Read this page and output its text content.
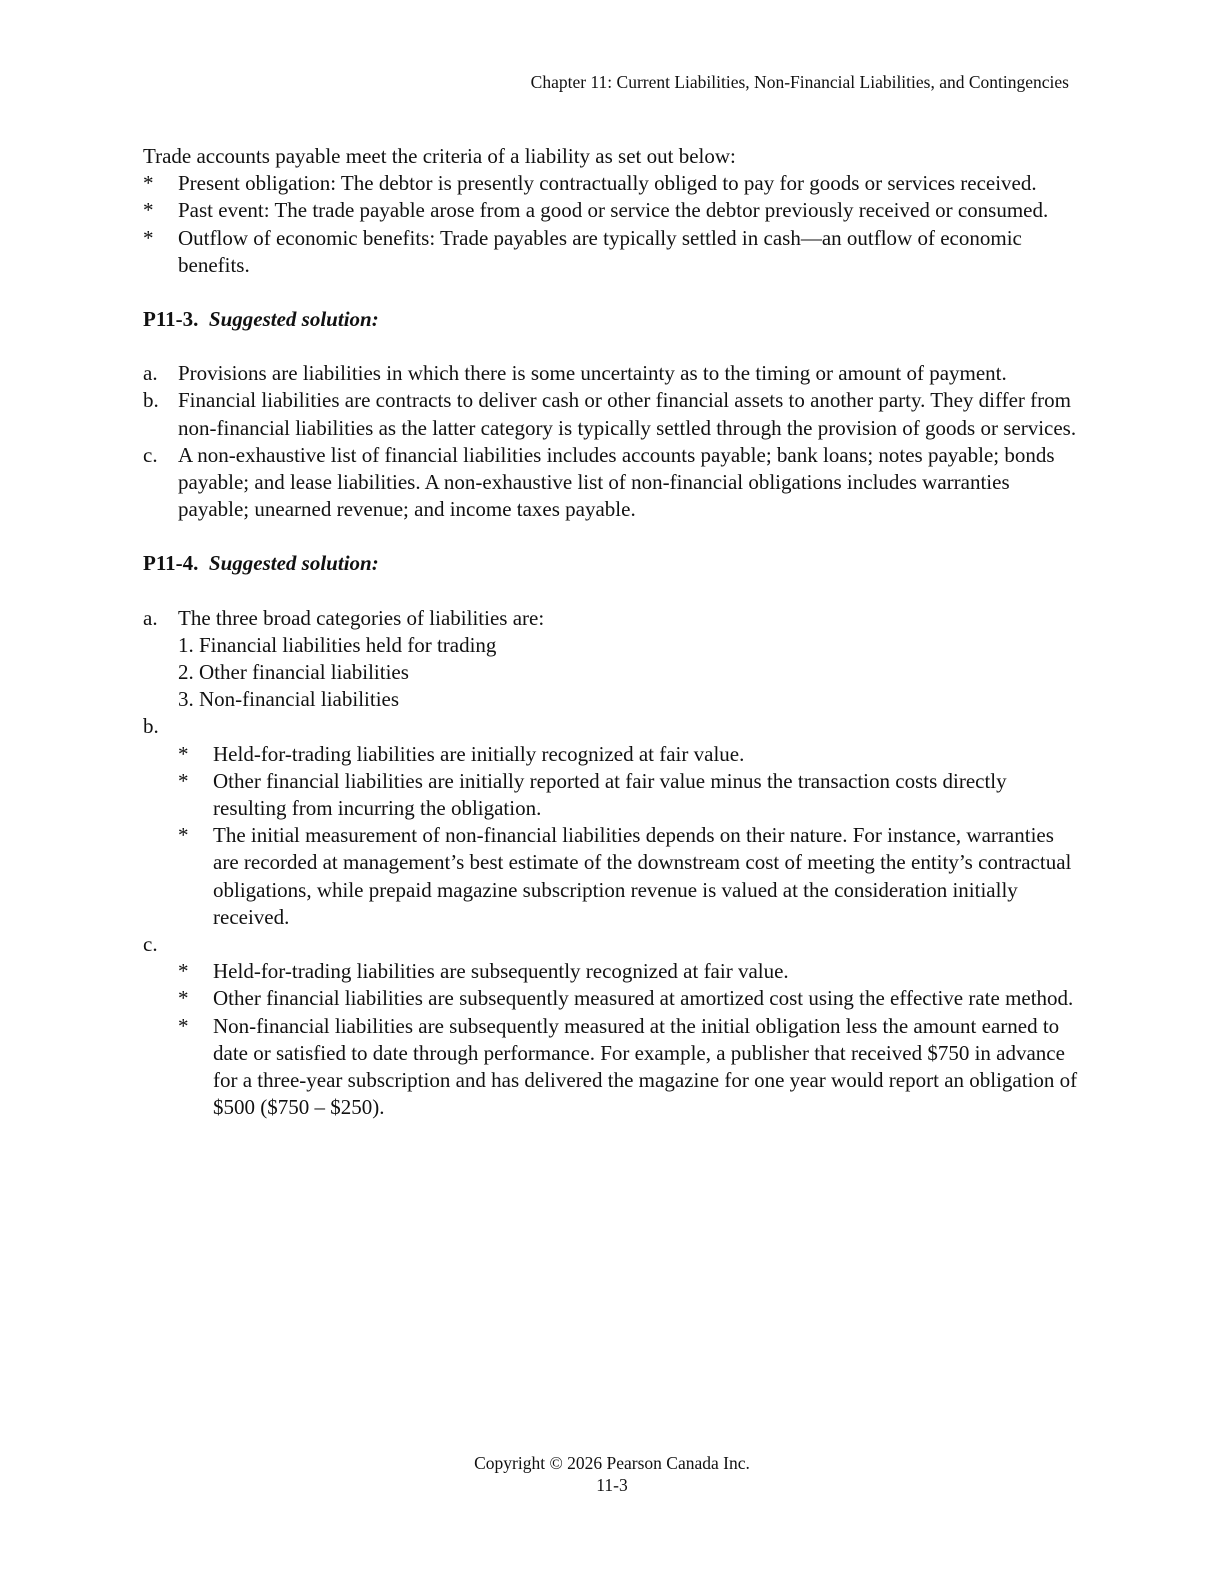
Chapter 11: Current Liabilities, Non-Financial Liabilities, and Contingencies

Trade accounts payable meet the criteria of a liability as set out below:

*	Present obligation: The debtor is presently contractually obliged to pay for goods or services received.
*	Past event: The trade payable arose from a good or service the debtor previously received or consumed.
*	Outflow of economic benefits: Trade payables are typically settled in cash—an outflow of economic benefits.

P11-3. Suggested solution:

a. Provisions are liabilities in which there is some uncertainty as to the timing or amount of payment.
b. Financial liabilities are contracts to deliver cash or other financial assets to another party. They differ from non-financial liabilities as the latter category is typically settled through the provision of goods or services.
c. A non-exhaustive list of financial liabilities includes accounts payable; bank loans; notes payable; bonds payable; and lease liabilities. A non-exhaustive list of non-financial obligations includes warranties payable; unearned revenue; and income taxes payable.

P11-4. Suggested solution:

a. The three broad categories of liabilities are:

1. Financial liabilities held for trading

2. Other financial liabilities

3. Non-financial liabilities

b.

*	Held-for-trading liabilities are initially recognized at fair value.
*	Other financial liabilities are initially reported at fair value minus the transaction costs directly resulting from incurring the obligation.
*	The initial measurement of non-financial liabilities depends on their nature. For instance, warranties are recorded at management’s best estimate of the downstream cost of meeting the entity’s contractual obligations, while prepaid magazine subscription revenue is valued at the consideration initially received.

c.

*	Held-for-trading liabilities are subsequently recognized at fair value.
*	Other financial liabilities are subsequently measured at amortized cost using the effective rate method.
*	Non-financial liabilities are subsequently measured at the initial obligation less the amount earned to date or satisfied to date through performance. For example, a publisher that received $750 in advance for a three-year subscription and has delivered the magazine for one year would report an obligation of $500 ($750 – $250).
Copyright © 2026 Pearson Canada Inc.
11-3
